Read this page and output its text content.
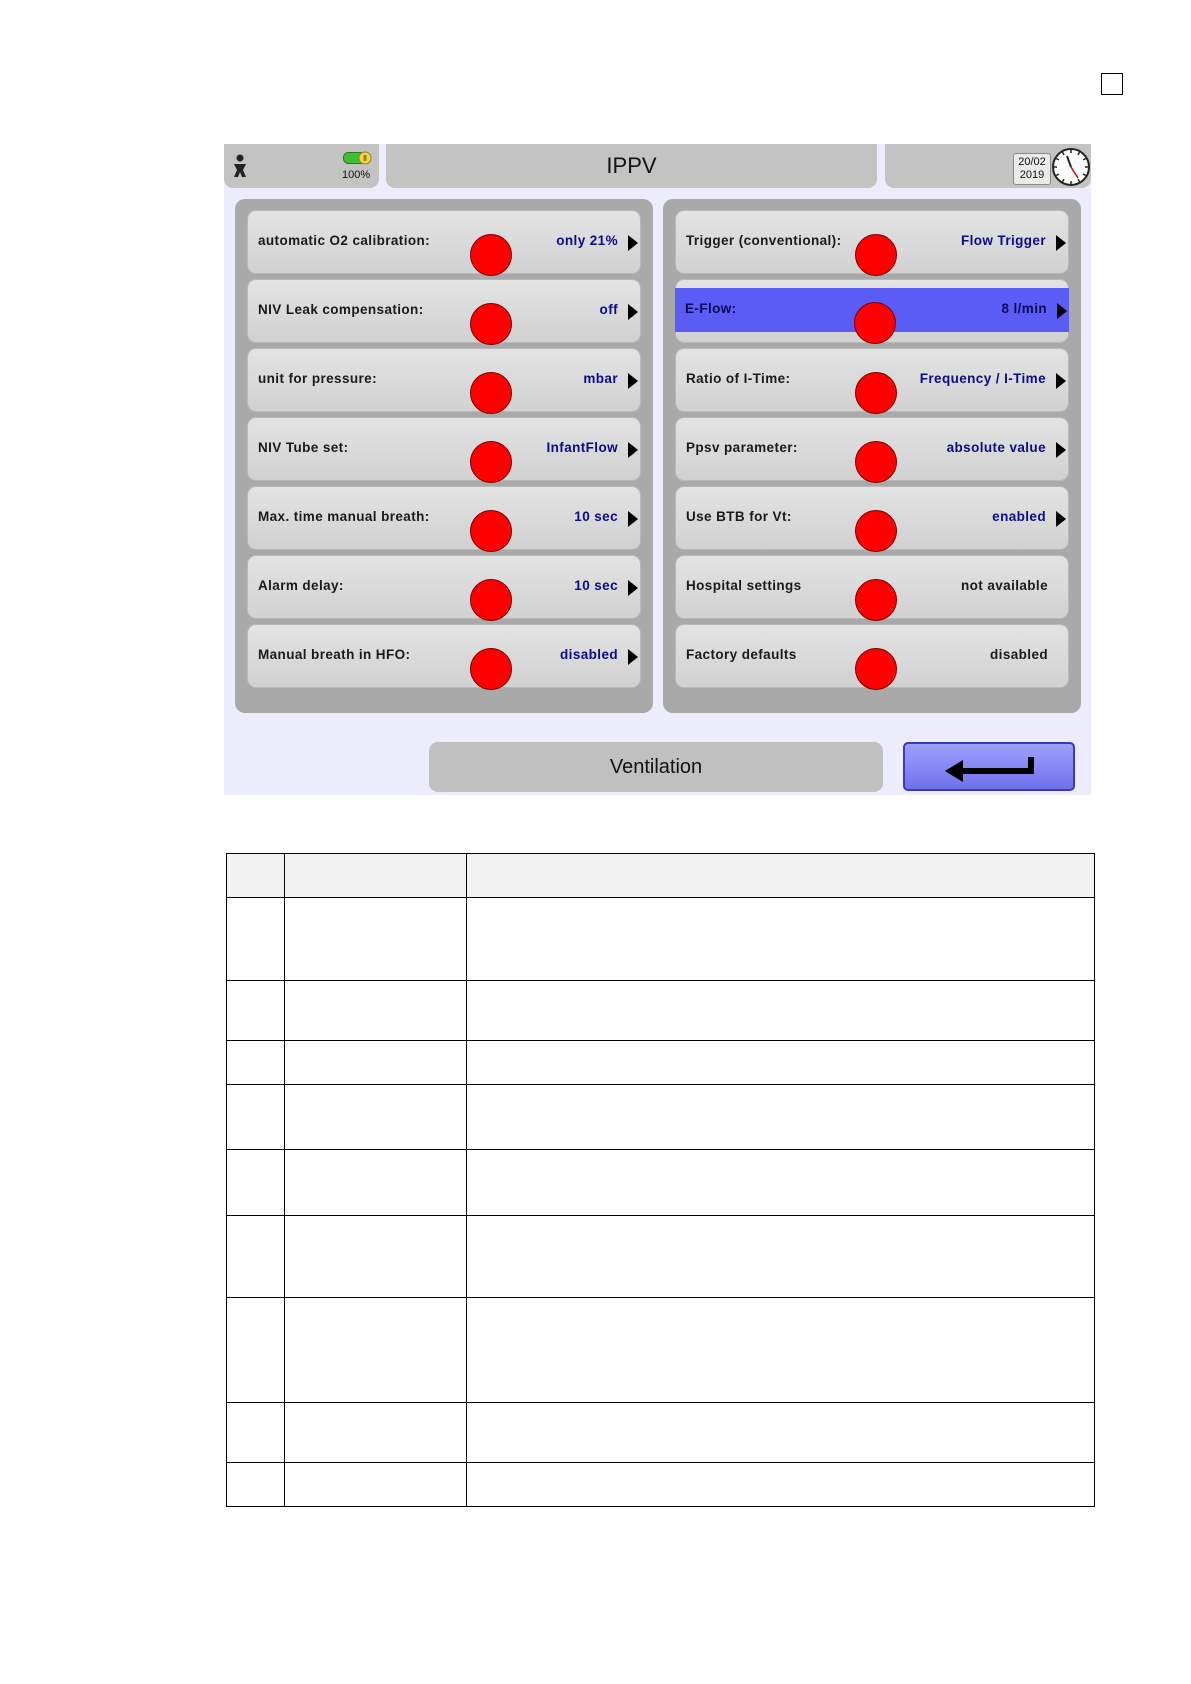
100%	IPPV	20/02
2019
automatic O2 calibration:	only 21%
NIV Leak compensation:	off
unit for pressure:	mbar
NIV Tube set:	InfantFlow
Max. time manual breath:	10 sec
Alarm delay:	10 sec
Manual breath in HFO:	disabled
Trigger (conventional):	Flow Trigger
E-Flow:	8 l/min
Ratio of I-Time:	Frequency / I-Time
Ppsv parameter:	absolute value
Use BTB for Vt:	enabled
Hospital settings	not available
Factory defaults	disabled
Ventilation
